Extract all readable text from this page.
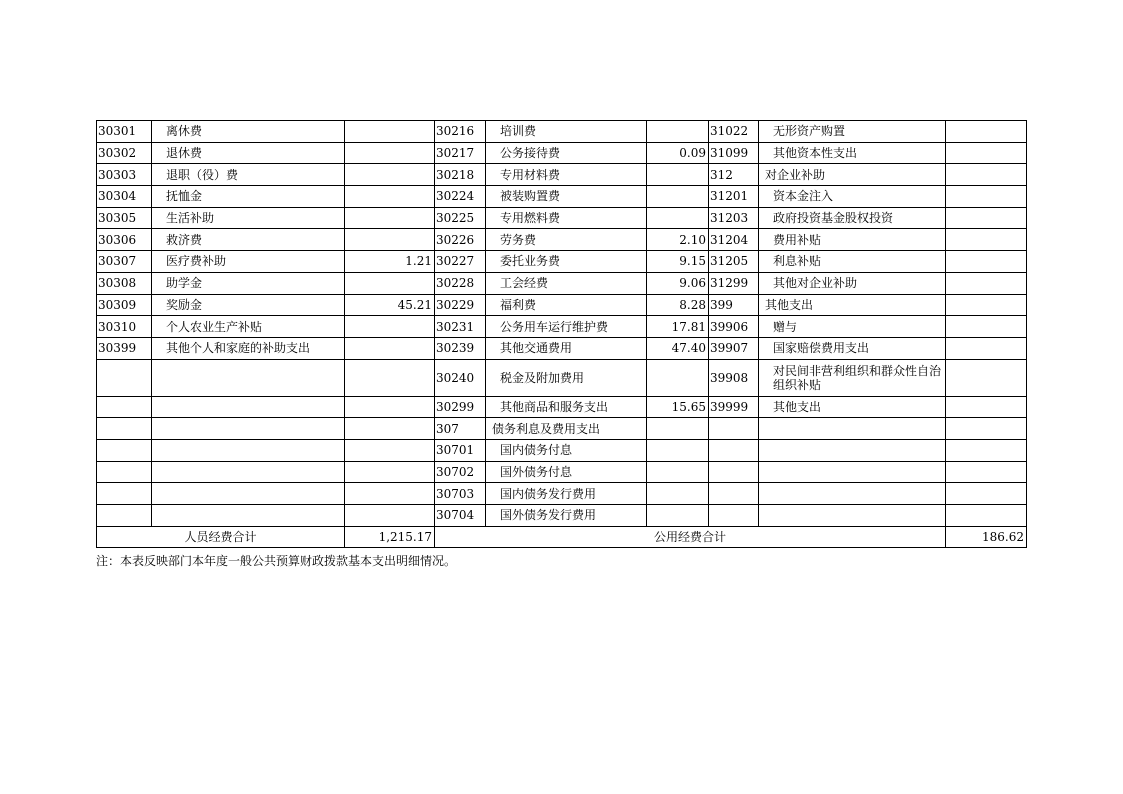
30301	离休费		30216	培训费		31022	无形资产购置	
30302	退休费		30217	公务接待费	0.09	31099	其他资本性支出	
30303	退职（役）费		30218	专用材料费		312	对企业补助	
30304	抚恤金		30224	被装购置费		31201	资本金注入	
30305	生活补助		30225	专用燃料费		31203	政府投资基金股权投资	
30306	救济费		30226	劳务费	2.10	31204	费用补贴	
30307	医疗费补助	1.21	30227	委托业务费	9.15	31205	利息补贴	
30308	助学金		30228	工会经费	9.06	31299	其他对企业补助	
30309	奖励金	45.21	30229	福利费	8.28	399	其他支出	
30310	个人农业生产补贴		30231	公务用车运行维护费	17.81	39906	赠与	
30399	其他个人和家庭的补助支出		30239	其他交通费用	47.40	39907	国家赔偿费用支出	
			30240	税金及附加费用		39908	对民间非营利组织和群众性自治组织补贴	
			30299	其他商品和服务支出	15.65	39999	其他支出	
			307	债务利息及费用支出				
			30701	国内债务付息				
			30702	国外债务付息				
			30703	国内债务发行费用				
			30704	国外债务发行费用				
人员经费合计		1,215.17	公用经费合计					186.62
注：本表反映部门本年度一般公共预算财政拨款基本支出明细情况。
